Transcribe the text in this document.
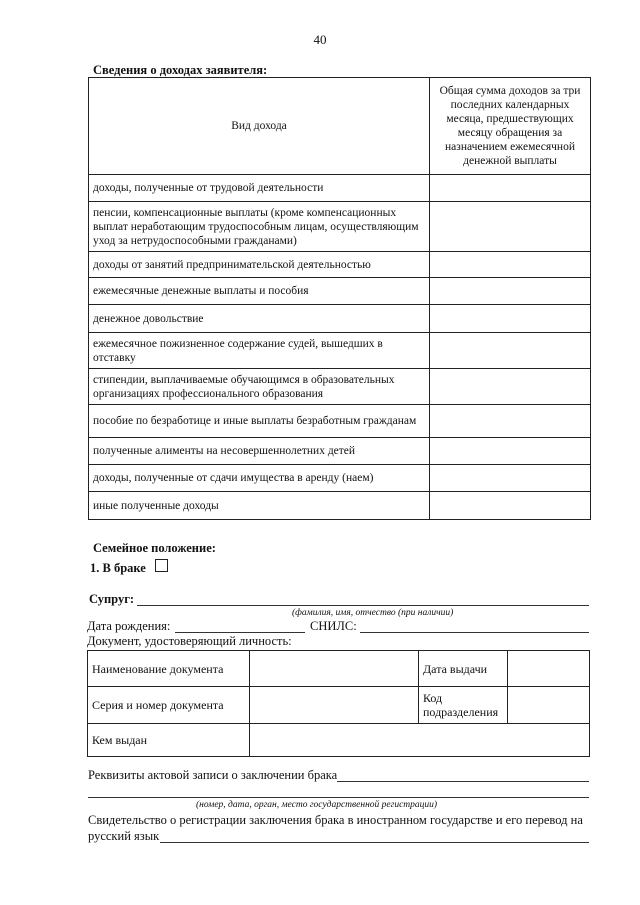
40
Сведения о доходах заявителя:
Вид дохода	Общая сумма доходов за три последних календарных месяца, предшествующих месяцу обращения за назначением ежемесячной денежной выплаты
доходы, полученные от трудовой деятельности	
пенсии, компенсационные выплаты (кроме компенсационных выплат неработающим трудоспособным лицам, осуществляющим уход за нетрудоспособными гражданами)	
доходы от занятий предпринимательской деятельностью	
ежемесячные денежные выплаты и пособия	
денежное довольствие	
ежемесячное пожизненное содержание судей, вышедших в отставку	
стипендии, выплачиваемые обучающимся в образовательных организациях профессионального образования	
пособие по безработице и иные выплаты безработным гражданам	
полученные алименты на несовершеннолетних детей	
доходы, полученные от сдачи имущества в аренду (наем)	
иные полученные доходы	
Семейное положение:
1. В браке
Супруг:
(фамилия, имя, отчество (при наличии)
Дата рождения:	СНИЛС:
Документ, удостоверяющий личность:
Наименование документа		Дата выдачи	
Серия и номер документа		Код подразделения	
Кем выдан			
Реквизиты актовой записи о заключении брака
(номер, дата, орган, место государственной регистрации)
Свидетельство о регистрации заключения брака в иностранном государстве и его перевод на
русский язык
